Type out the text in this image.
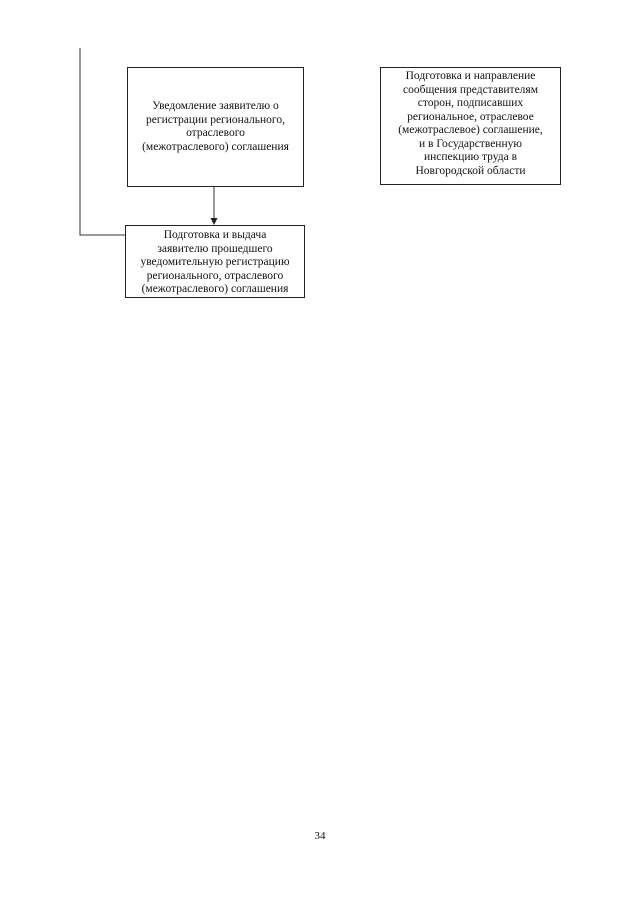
Уведомление заявителю о
регистрации регионального,
отраслевого
(межотраслевого) соглашения
Подготовка и выдача
заявителю прошедшего
уведомительную регистрацию
регионального, отраслевого
(межотраслевого) соглашения
Подготовка и направление
сообщения представителям
сторон, подписавших
региональное, отраслевое
(межотраслевое) соглашение,
и в Государственную
инспекцию труда в
Новгородской области
34
